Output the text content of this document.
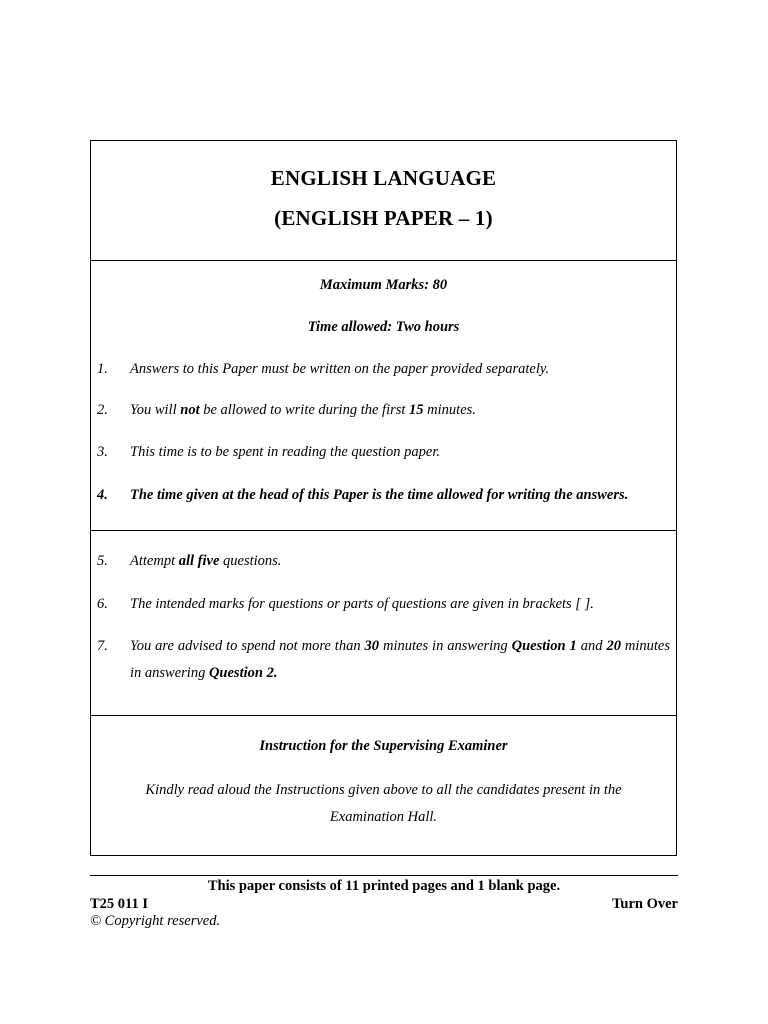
ENGLISH LANGUAGE
(ENGLISH PAPER – 1)
Maximum Marks: 80
Time allowed: Two hours
1. Answers to this Paper must be written on the paper provided separately.
2. You will not be allowed to write during the first 15 minutes.
3. This time is to be spent in reading the question paper.
4. The time given at the head of this Paper is the time allowed for writing the answers.
5. Attempt all five questions.
6. The intended marks for questions or parts of questions are given in brackets [ ].
7. You are advised to spend not more than 30 minutes in answering Question 1 and 20 minutes in answering Question 2.
Instruction for the Supervising Examiner
Kindly read aloud the Instructions given above to all the candidates present in the Examination Hall.
This paper consists of 11 printed pages and 1 blank page.
T25 011 I	Turn Over
© Copyright reserved.
